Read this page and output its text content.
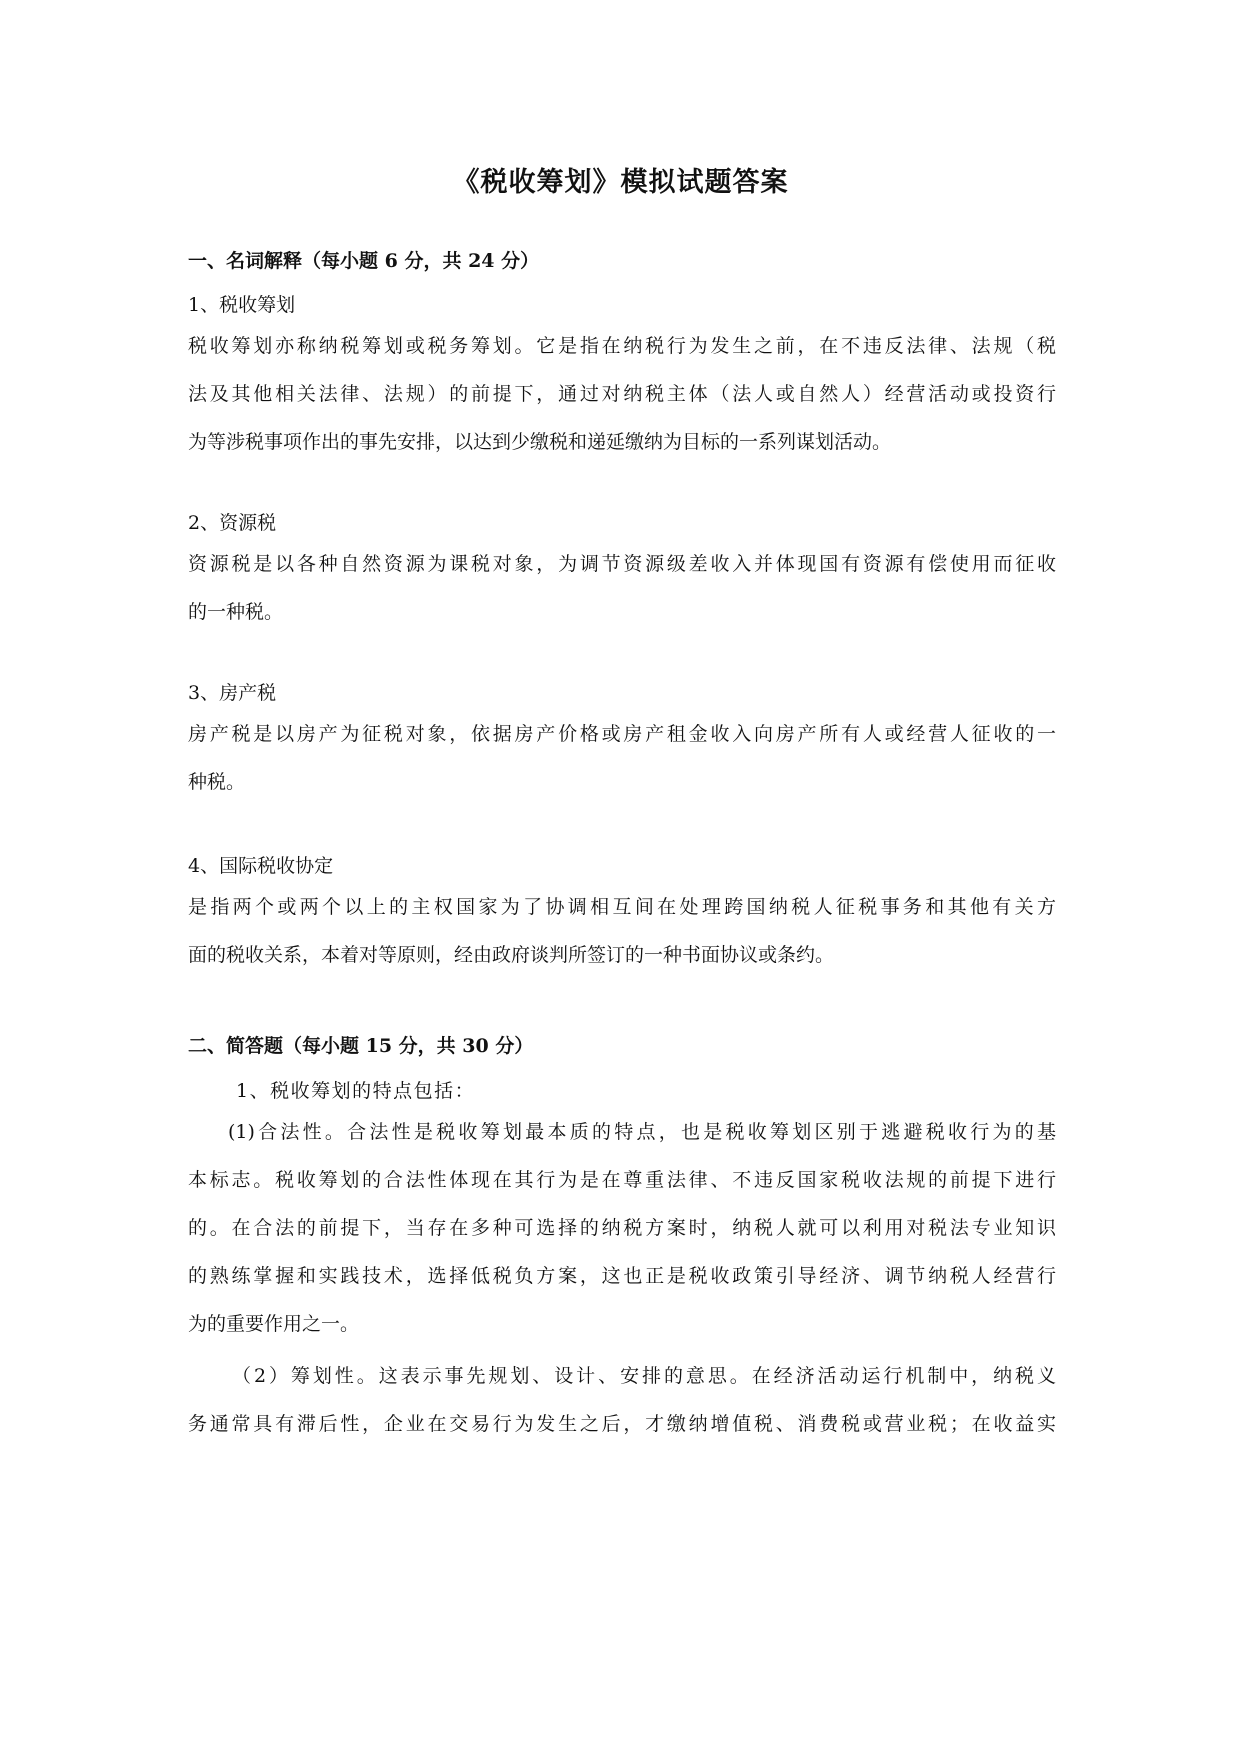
《税收筹划》模拟试题答案
一、名词解释（每小题 6 分，共 24 分）
1、税收筹划
税收筹划亦称纳税筹划或税务筹划。它是指在纳税行为发生之前，在不违反法律、法规（税
法及其他相关法律、法规）的前提下，通过对纳税主体（法人或自然人）经营活动或投资行
为等涉税事项作出的事先安排，以达到少缴税和递延缴纳为目标的一系列谋划活动。
2、资源税
资源税是以各种自然资源为课税对象，为调节资源级差收入并体现国有资源有偿使用而征收
的一种税。
3、房产税
房产税是以房产为征税对象，依据房产价格或房产租金收入向房产所有人或经营人征收的一
种税。
4、国际税收协定
是指两个或两个以上的主权国家为了协调相互间在处理跨国纳税人征税事务和其他有关方
面的税收关系，本着对等原则，经由政府谈判所签订的一种书面协议或条约。
二、简答题（每小题 15 分，共 30 分）
1、税收筹划的特点包括：
(1)合法性。合法性是税收筹划最本质的特点，也是税收筹划区别于逃避税收行为的基
本标志。税收筹划的合法性体现在其行为是在尊重法律、不违反国家税收法规的前提下进行
的。在合法的前提下，当存在多种可选择的纳税方案时，纳税人就可以利用对税法专业知识
的熟练掌握和实践技术，选择低税负方案，这也正是税收政策引导经济、调节纳税人经营行
为的重要作用之一。
（2）筹划性。这表示事先规划、设计、安排的意思。在经济活动运行机制中，纳税义
务通常具有滞后性，企业在交易行为发生之后，才缴纳增值税、消费税或营业税；在收益实
